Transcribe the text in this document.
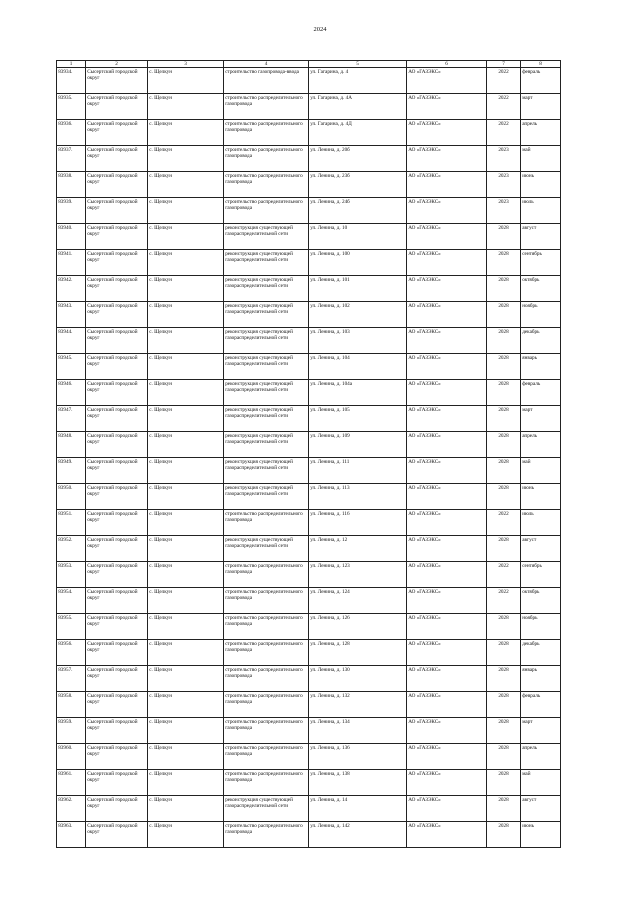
2024
1	2	3	4	5	6	7	8
83934.	Сысертский городской округ	с. Щелкун	строительство газопровода-ввода	ул. Гагарина, д. 4	АО «ГАЗЭКС»	2022	февраль
83935.	Сысертский городской округ	с. Щелкун	строительство распределительного газопровода	ул. Гагарина, д. 4А	АО «ГАЗЭКС»	2022	март
83936.	Сысертский городской округ	с. Щелкун	строительство распределительного газопровода	ул. Гагарина, д. 4Д	АО «ГАЗЭКС»	2022	апрель
83937.	Сысертский городской округ	с. Щелкун	строительство распределительного газопровода	ул. Ленина, д. 20б	АО «ГАЗЭКС»	2023	май
83938.	Сысертский городской округ	с. Щелкун	строительство распределительного газопровода	ул. Ленина, д. 23б	АО «ГАЗЭКС»	2023	июнь
83939.	Сысертский городской округ	с. Щелкун	строительство распределительного газопровода	ул. Ленина, д. 24б	АО «ГАЗЭКС»	2023	июль
83940.	Сысертский городской округ	с. Щелкун	реконструкция существующей газораспределительной сети	ул. Ленина, д. 10	АО «ГАЗЭКС»	2028	август
83941.	Сысертский городской округ	с. Щелкун	реконструкция существующей газораспределительной сети	ул. Ленина, д. 100	АО «ГАЗЭКС»	2028	сентябрь
83942.	Сысертский городской округ	с. Щелкун	реконструкция существующей газораспределительной сети	ул. Ленина, д. 101	АО «ГАЗЭКС»	2028	октябрь
83943.	Сысертский городской округ	с. Щелкун	реконструкция существующей газораспределительной сети	ул. Ленина, д. 102	АО «ГАЗЭКС»	2028	ноябрь
83944.	Сысертский городской округ	с. Щелкун	реконструкция существующей газораспределительной сети	ул. Ленина, д. 103	АО «ГАЗЭКС»	2028	декабрь
83945.	Сысертский городской округ	с. Щелкун	реконструкция существующей газораспределительной сети	ул. Ленина, д. 104	АО «ГАЗЭКС»	2028	январь
83946.	Сысертский городской округ	с. Щелкун	реконструкция существующей газораспределительной сети	ул. Ленина, д. 104а	АО «ГАЗЭКС»	2028	февраль
83947.	Сысертский городской округ	с. Щелкун	реконструкция существующей газораспределительной сети	ул. Ленина, д. 105	АО «ГАЗЭКС»	2028	март
83948.	Сысертский городской округ	с. Щелкун	реконструкция существующей газораспределительной сети	ул. Ленина, д. 109	АО «ГАЗЭКС»	2028	апрель
83949.	Сысертский городской округ	с. Щелкун	реконструкция существующей газораспределительной сети	ул. Ленина, д. 111	АО «ГАЗЭКС»	2028	май
83950.	Сысертский городской округ	с. Щелкун	реконструкция существующей газораспределительной сети	ул. Ленина, д. 113	АО «ГАЗЭКС»	2028	июнь
83951.	Сысертский городской округ	с. Щелкун	строительство распределительного газопровода	ул. Ленина, д. 116	АО «ГАЗЭКС»	2022	июль
83952.	Сысертский городской округ	с. Щелкун	реконструкция существующей газораспределительной сети	ул. Ленина, д. 12	АО «ГАЗЭКС»	2028	август
83953.	Сысертский городской округ	с. Щелкун	строительство распределительного газопровода	ул. Ленина, д. 123	АО «ГАЗЭКС»	2022	сентябрь
83954.	Сысертский городской округ	с. Щелкун	строительство распределительного газопровода	ул. Ленина, д. 124	АО «ГАЗЭКС»	2022	октябрь
83955.	Сысертский городской округ	с. Щелкун	строительство распределительного газопровода	ул. Ленина, д. 126	АО «ГАЗЭКС»	2028	ноябрь
83956.	Сысертский городской округ	с. Щелкун	строительство распределительного газопровода	ул. Ленина, д. 128	АО «ГАЗЭКС»	2028	декабрь
83957.	Сысертский городской округ	с. Щелкун	строительство распределительного газопровода	ул. Ленина, д. 130	АО «ГАЗЭКС»	2028	январь
83958.	Сысертский городской округ	с. Щелкун	строительство распределительного газопровода	ул. Ленина, д. 132	АО «ГАЗЭКС»	2028	февраль
83959.	Сысертский городской округ	с. Щелкун	строительство распределительного газопровода	ул. Ленина, д. 134	АО «ГАЗЭКС»	2028	март
83960.	Сысертский городской округ	с. Щелкун	строительство распределительного газопровода	ул. Ленина, д. 136	АО «ГАЗЭКС»	2028	апрель
83961.	Сысертский городской округ	с. Щелкун	строительство распределительного газопровода	ул. Ленина, д. 138	АО «ГАЗЭКС»	2028	май
83962.	Сысертский городской округ	с. Щелкун	реконструкция существующей газораспределительной сети	ул. Ленина, д. 14	АО «ГАЗЭКС»	2028	август
83963.	Сысертский городской округ	с. Щелкун	строительство распределительного газопровода	ул. Ленина, д. 142	АО «ГАЗЭКС»	2028	июнь
